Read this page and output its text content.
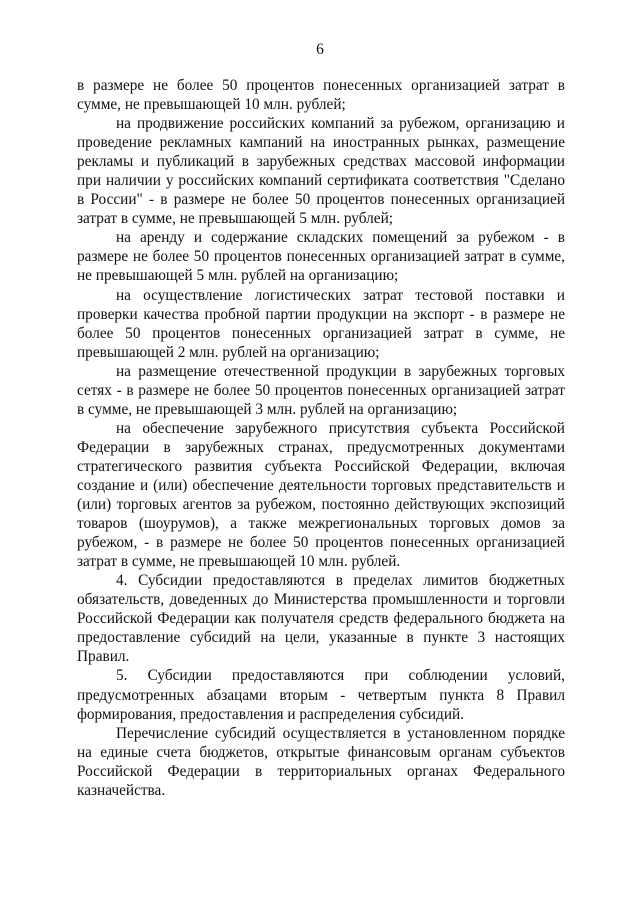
6

в размере не более 50 процентов понесенных организацией затрат в сумме, не превышающей 10 млн. рублей;

на продвижение российских компаний за рубежом, организацию и проведение рекламных кампаний на иностранных рынках, размещение рекламы и публикаций в зарубежных средствах массовой информации при наличии у российских компаний сертификата соответствия "Сделано в России" - в размере не более 50 процентов понесенных организацией затрат в сумме, не превышающей 5 млн. рублей;

на аренду и содержание складских помещений за рубежом - в размере не более 50 процентов понесенных организацией затрат в сумме, не превышающей 5 млн. рублей на организацию;

на осуществление логистических затрат тестовой поставки и проверки качества пробной партии продукции на экспорт - в размере не более 50 процентов понесенных организацией затрат в сумме, не превышающей 2 млн. рублей на организацию;

на размещение отечественной продукции в зарубежных торговых сетях - в размере не более 50 процентов понесенных организацией затрат в сумме, не превышающей 3 млн. рублей на организацию;

на обеспечение зарубежного присутствия субъекта Российской Федерации в зарубежных странах, предусмотренных документами стратегического развития субъекта Российской Федерации, включая создание и (или) обеспечение деятельности торговых представительств и (или) торговых агентов за рубежом, постоянно действующих экспозиций товаров (шоурумов), а также межрегиональных торговых домов за рубежом, - в размере не более 50 процентов понесенных организацией затрат в сумме, не превышающей 10 млн. рублей.

4. Субсидии предоставляются в пределах лимитов бюджетных обязательств, доведенных до Министерства промышленности и торговли Российской Федерации как получателя средств федерального бюджета на предоставление субсидий на цели, указанные в пункте 3 настоящих Правил.

5. Субсидии предоставляются при соблюдении условий, предусмотренных абзацами вторым - четвертым пункта 8 Правил формирования, предоставления и распределения субсидий.

Перечисление субсидий осуществляется в установленном порядке на единые счета бюджетов, открытые финансовым органам субъектов Российской Федерации в территориальных органах Федерального казначейства.
